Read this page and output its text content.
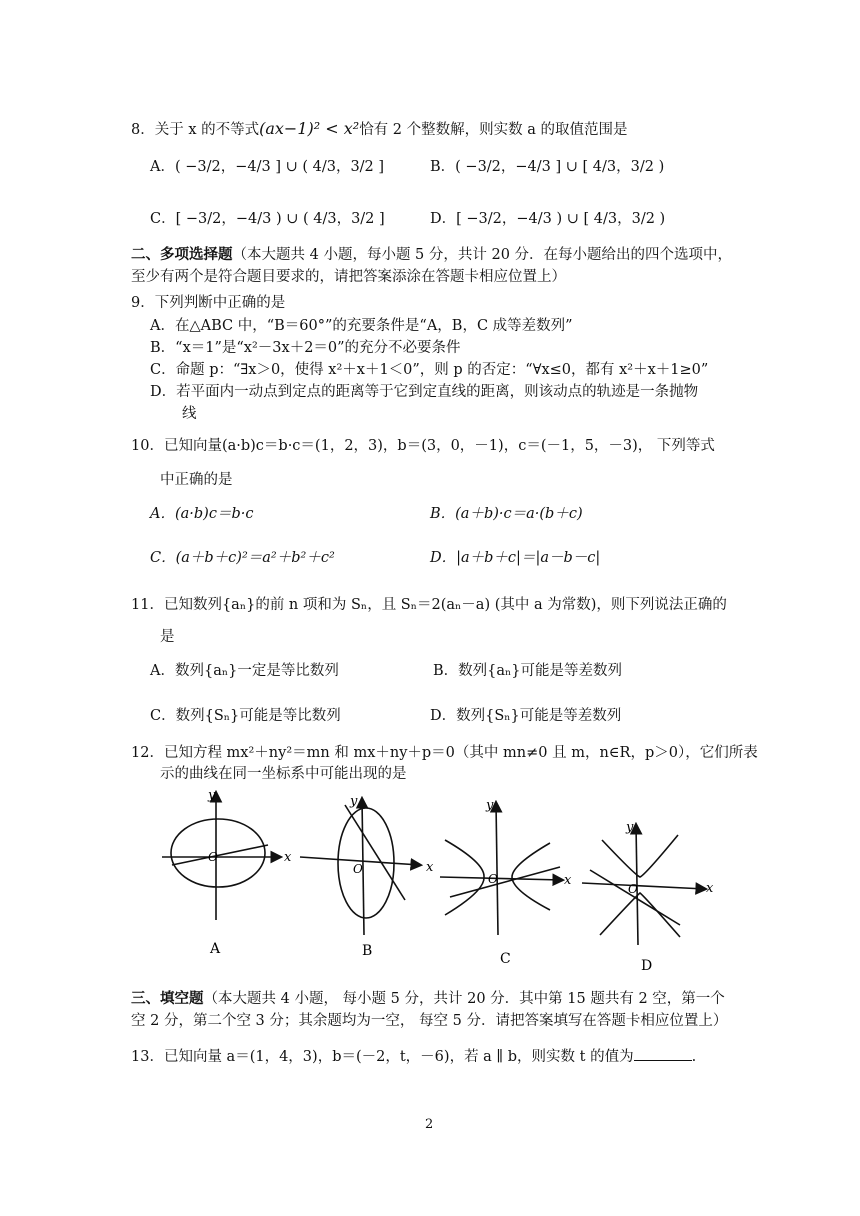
8．关于 x 的不等式(ax−1)² < x²恰有 2 个整数解，则实数 a 的取值范围是
A．( −3/2，−4/3 ] ∪ ( 4/3，3/2 ]	B．( −3/2，−4/3 ] ∪ [ 4/3，3/2 )
C．[ −3/2，−4/3 ) ∪ ( 4/3，3/2 ]	D．[ −3/2，−4/3 ) ∪ [ 4/3，3/2 )
二、多项选择题（本大题共 4 小题，每小题 5 分，共计 20 分．在每小题给出的四个选项中，
至少有两个是符合题目要求的，请把答案添涂在答题卡相应位置上）
9．下列判断中正确的是
A．在△ABC 中，“B＝60°”的充要条件是“A，B，C 成等差数列”
B．“x＝1”是“x²－3x＋2＝0”的充分不必要条件
C．命题 p：“∃x＞0，使得 x²＋x＋1＜0”，则 p 的否定：“∀x≤0，都有 x²＋x＋1≥0”
D．若平面内一动点到定点的距离等于它到定直线的距离，则该动点的轨迹是一条抛物
线
10．已知向量(a·b)c＝b·c＝(1，2，3)，b＝(3，0，－1)，c＝(－1，5，－3)， 下列等式
中正确的是
A．(a·b)c＝b·c	B．(a＋b)·c＝a·(b＋c)
C．(a＋b＋c)²＝a²＋b²＋c²	D．|a＋b＋c|＝|a－b－c|
11．已知数列{aₙ}的前 n 项和为 Sₙ，且 Sₙ＝2(aₙ－a) (其中 a 为常数)，则下列说法正确的
是
A．数列{aₙ}一定是等比数列	B．数列{aₙ}可能是等差数列
C．数列{Sₙ}可能是等比数列	D．数列{Sₙ}可能是等差数列
12．已知方程 mx²＋ny²＝mn 和 mx＋ny＋p＝0（其中 mn≠0 且 m，n∈R，p＞0），它们所表
示的曲线在同一坐标系中可能出现的是
O	x
y
A
O	x
y
B
O	x
y
C
O	x
y
D
三、填空题（本大题共 4 小题， 每小题 5 分，共计 20 分．其中第 15 题共有 2 空，第一个
空 2 分，第二个空 3 分；其余题均为一空， 每空 5 分．请把答案填写在答题卡相应位置上）
13．已知向量 a＝(1，4，3)，b＝(－2，t，－6)，若 a ∥ b，则实数 t 的值为	.
2
